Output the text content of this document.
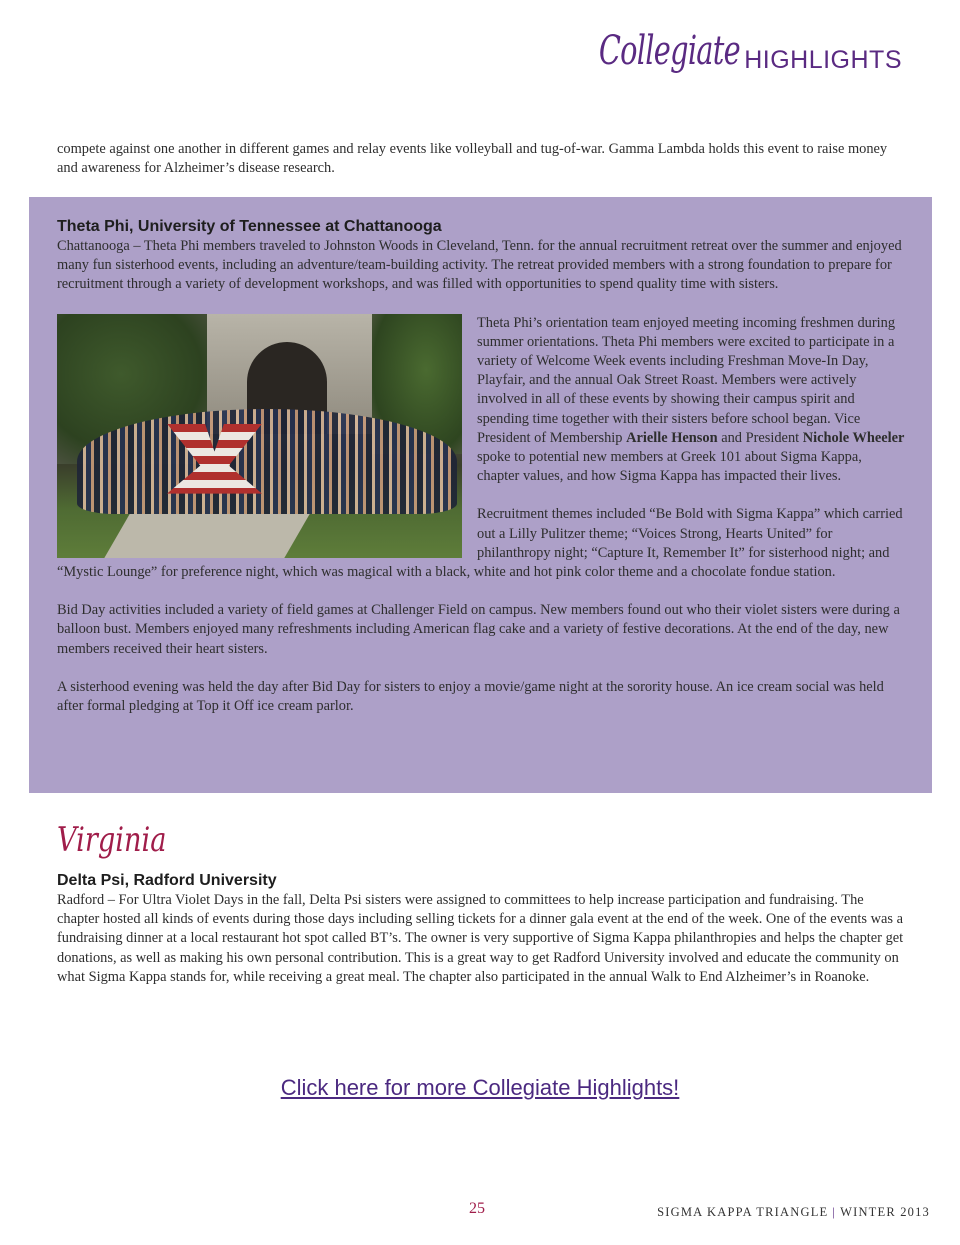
Collegiate HIGHLIGHTS
compete against one another in different games and relay events like volleyball and tug-of-war. Gamma Lambda holds this event to raise money and awareness for Alzheimer’s disease research.
Theta Phi, University of Tennessee at Chattanooga

Chattanooga – Theta Phi members traveled to Johnston Woods in Cleveland, Tenn. for the annual recruitment retreat over the summer and enjoyed many fun sisterhood events, including an adventure/team-building activity. The retreat provided members with a strong foundation to prepare for recruitment through a variety of development workshops, and was filled with opportunities to spend quality time with sisters.

Theta Phi’s orientation team enjoyed meeting incoming freshmen during summer orientations. Theta Phi members were excited to participate in a variety of Welcome Week events including Freshman Move-In Day, Playfair, and the annual Oak Street Roast. Members were actively involved in all of these events by showing their campus spirit and spending time together with their sisters before school began. Vice President of Membership Arielle Henson and President Nichole Wheeler spoke to potential new members at Greek 101 about Sigma Kappa, chapter values, and how Sigma Kappa has impacted their lives.

Recruitment themes included “Be Bold with Sigma Kappa” which carried out a Lilly Pulitzer theme; “Voices Strong, Hearts United” for philanthropy night; “Capture It, Remember It” for sisterhood night; and “Mystic Lounge” for preference night, which was magical with a black, white and hot pink color theme and a chocolate fondue station.

Bid Day activities included a variety of field games at Challenger Field on campus. New members found out who their violet sisters were during a balloon bust. Members enjoyed many refreshments including American flag cake and a variety of festive decorations. At the end of the day, new members received their heart sisters.

A sisterhood evening was held the day after Bid Day for sisters to enjoy a movie/game night at the sorority house. An ice cream social was held after formal pledging at Top it Off ice cream parlor.

Virginia
Delta Psi, Radford University

Radford – For Ultra Violet Days in the fall, Delta Psi sisters were assigned to committees to help increase participation and fundraising. The chapter hosted all kinds of events during those days including selling tickets for a dinner gala event at the end of the week. One of the events was a fundraising dinner at a local restaurant hot spot called BT’s. The owner is very supportive of Sigma Kappa philanthropies and helps the chapter get donations, as well as making his own personal contribution. This is a great way to get Radford University involved and educate the community on what Sigma Kappa stands for, while receiving a great meal. The chapter also participated in the annual Walk to End Alzheimer’s in Roanoke.

Click here for more Collegiate Highlights!
25	SIGMA KAPPA TRIANGLE | WINTER 2013
